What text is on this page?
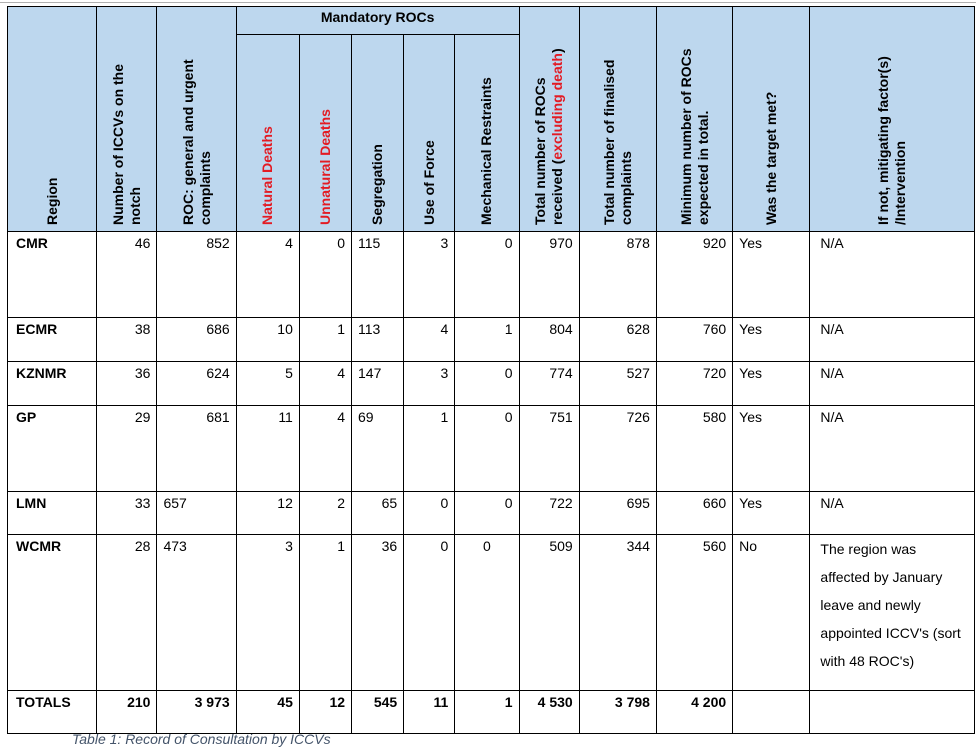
Region	Number of ICCVs on the notch	ROC: general and urgent complaints	Mandatory ROCs					Total number of ROCs received (excluding death)	Total number of finalised complaints	Minimum number of ROCs expected in total.	Was the target met?	If not, mitigating factor(s) /Intervention

			Natural Deaths	Unnatural Deaths	Segregation	Use of Force	Mechanical Restraints					

CMR	46	852	4	0	115	3	0	970	878	920	Yes	N/A
ECMR	38	686	10	1	113	4	1	804	628	760	Yes	N/A
KZNMR	36	624	5	4	147	3	0	774	527	720	Yes	N/A
GP	29	681	11	4	69	1	0	751	726	580	Yes	N/A
LMN	33	657	12	2	65	0	0	722	695	660	Yes	N/A
WCMR	28	473	3	1	36	0	0	509	344	560	No	The region was affected by January leave and newly appointed ICCV's (sort with 48 ROC's)
TOTALS	210	3 973	45	12	545	11	1	4 530	3 798	4 200		
Table 1: Record of Consultation by ICCVs
